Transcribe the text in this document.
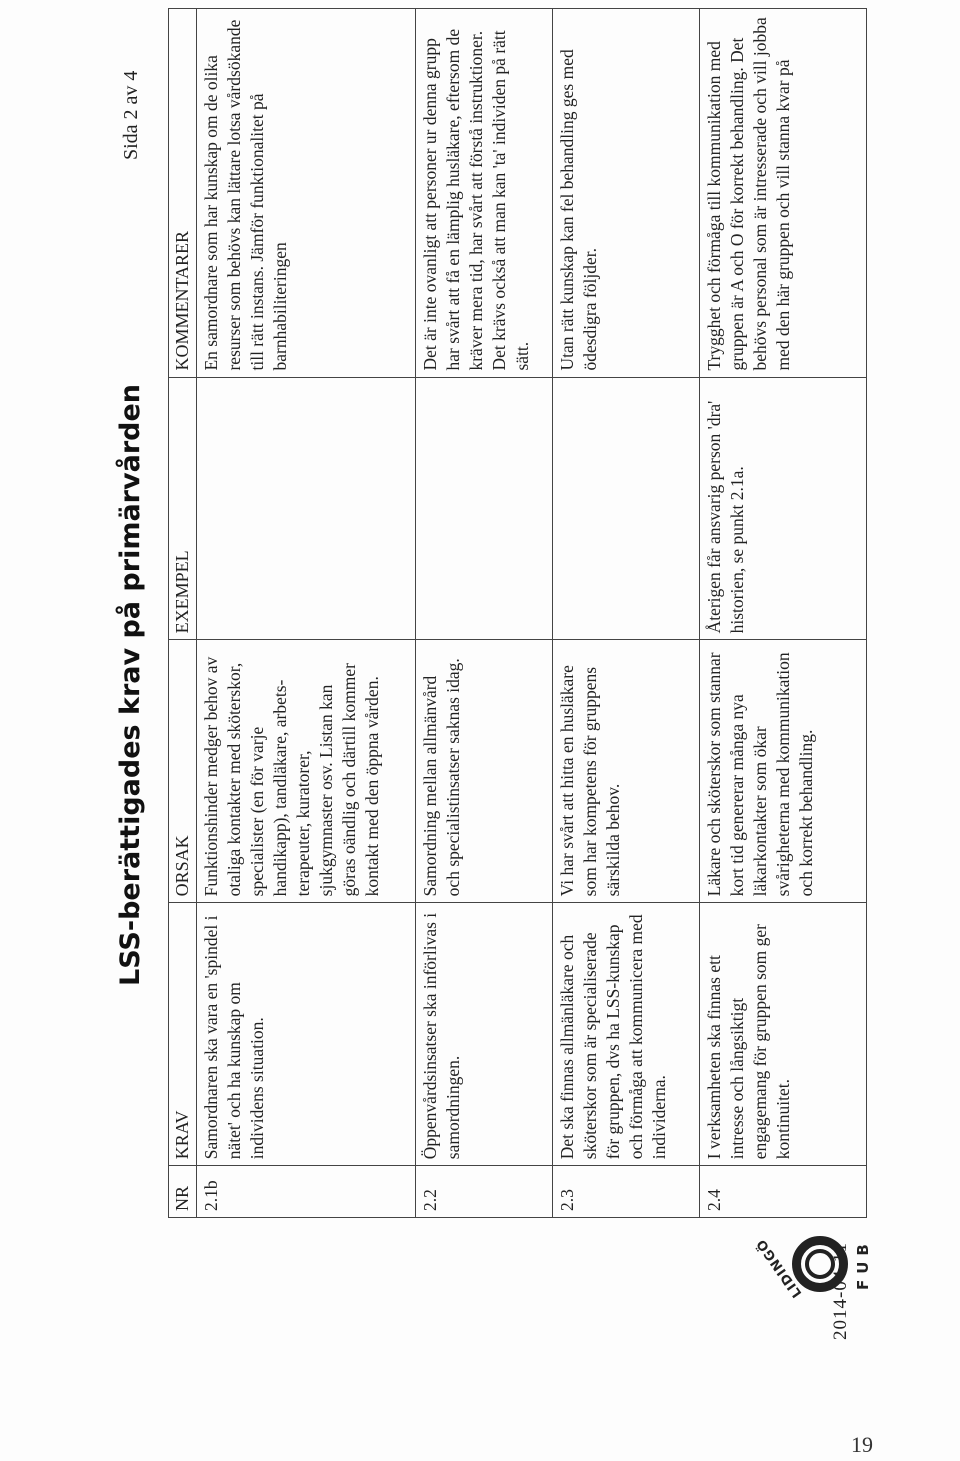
19
LIDINGÖ	FUB
LSS-berättigades krav på primärvården
Sida 2 av 4
2014-04-11
NR	KRAV	ORSAK	EXEMPEL	KOMMENTARER
2.1b	Samordnaren ska vara en 'spindel i nätet' och ha kunskap om individens situation.	Funktionshinder medger behov av otaliga kontakter med sköterskor, specialister (en för varje handikapp), tandläkare, arbets-terapeuter, kuratorer, sjukgymnaster osv. Listan kan göras oändlig och därtill kommer kontakt med den öppna vården.		En samordnare som har kunskap om de olika resurser som behövs kan lättare lotsa vårdsökande till rätt instans. Jämför funktionalitet på barnhabiliteringen
2.2	Öppenvårdsinsatser ska införlivas i samordningen.	Samordning mellan allmänvård och specialistinsatser saknas idag.		Det är inte ovanligt att personer ur denna grupp har svårt att få en lämplig husläkare, eftersom de kräver mera tid, har svårt att förstå instruktioner. Det krävs också att man kan 'ta' individen på rätt sätt.
2.3	Det ska finnas allmänläkare och sköterskor som är specialiserade för gruppen, dvs ha LSS-kunskap och förmåga att kommunicera med individerna.	Vi har svårt att hitta en husläkare som har kompetens för gruppens särskilda behov.		Utan rätt kunskap kan fel behandling ges med ödesdigra följder.
2.4	I verksamheten ska finnas ett intresse och långsiktigt engagemang för gruppen som ger kontinuitet.	Läkare och sköterskor som stannar kort tid genererar många nya läkarkontakter som ökar svårigheterna med kommunikation och korrekt behandling.	Återigen får ansvarig person 'dra' historien, se punkt 2.1a.	Trygghet och förmåga till kommunikation med gruppen är A och O för korrekt behandling. Det behövs personal som är intresserade och vill jobba med den här gruppen och vill stanna kvar på
